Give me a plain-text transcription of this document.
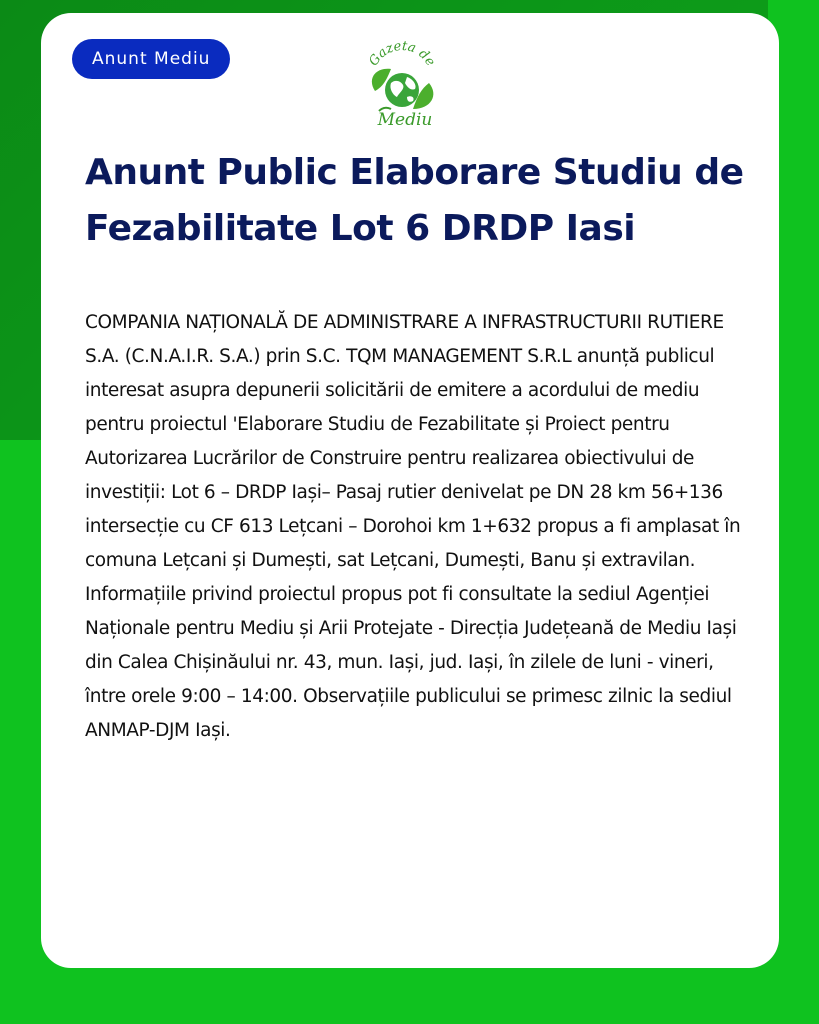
Anunt Mediu	Gazeta de
Mediu
Anunt Public Elaborare Studiu de Fezabilitate Lot 6 DRDP Iasi

COMPANIA NAȚIONALĂ DE ADMINISTRARE A INFRASTRUCTURII RUTIERE S.A. (C.N.A.I.R. S.A.) prin S.C. TQM MANAGEMENT S.R.L anunță publicul interesat asupra depunerii solicitării de emitere a acordului de mediu pentru proiectul 'Elaborare Studiu de Fezabilitate și Proiect pentru Autorizarea Lucrărilor de Construire pentru realizarea obiectivului de investiții: Lot 6 – DRDP Iași– Pasaj rutier denivelat pe DN 28 km 56+136 intersecție cu CF 613 Lețcani – Dorohoi km 1+632 propus a fi amplasat în comuna Lețcani și Dumești, sat Lețcani, Dumești, Banu și extravilan. Informațiile privind proiectul propus pot fi consultate la sediul Agenției Naționale pentru Mediu și Arii Protejate - Direcția Județeană de Mediu Iași din Calea Chișinăului nr. 43, mun. Iași, jud. Iași, în zilele de luni - vineri, între orele 9:00 – 14:00. Observațiile publicului se primesc zilnic la sediul ANMAP-DJM Iași.
